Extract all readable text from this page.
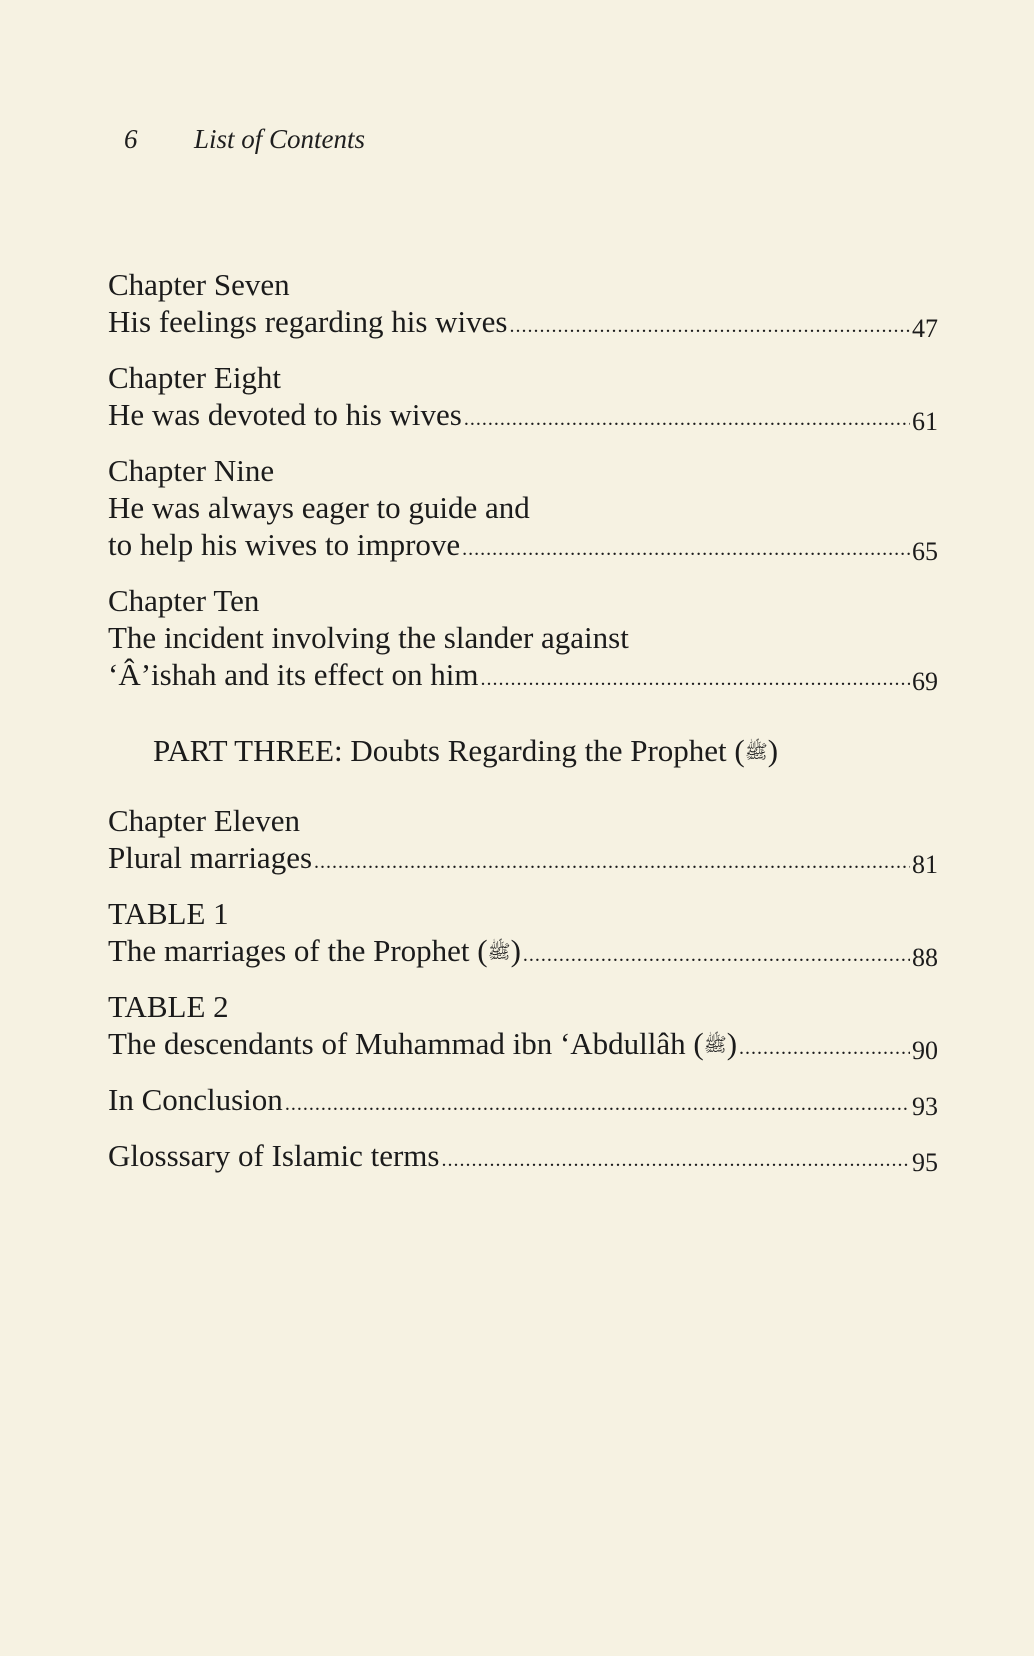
6 List of Contents
Chapter Seven
His feelings regarding his wives .....	47
Chapter Eight
He was devoted to his wives .....	61
Chapter Nine
He was always eager to guide and
to help his wives to improve .....	65
Chapter Ten
The incident involving the slander against
‘Â’ishah and its effect on him .....	69
PART THREE: Doubts Regarding the Prophet (ﷺ)
Chapter Eleven
Plural marriages .....	81
TABLE 1
The marriages of the Prophet (ﷺ) .....	88
TABLE 2
The descendants of Muhammad ibn ‘Abdullâh (ﷺ) .....	90
In Conclusion .....	93
Glosssary of Islamic terms .....	95
